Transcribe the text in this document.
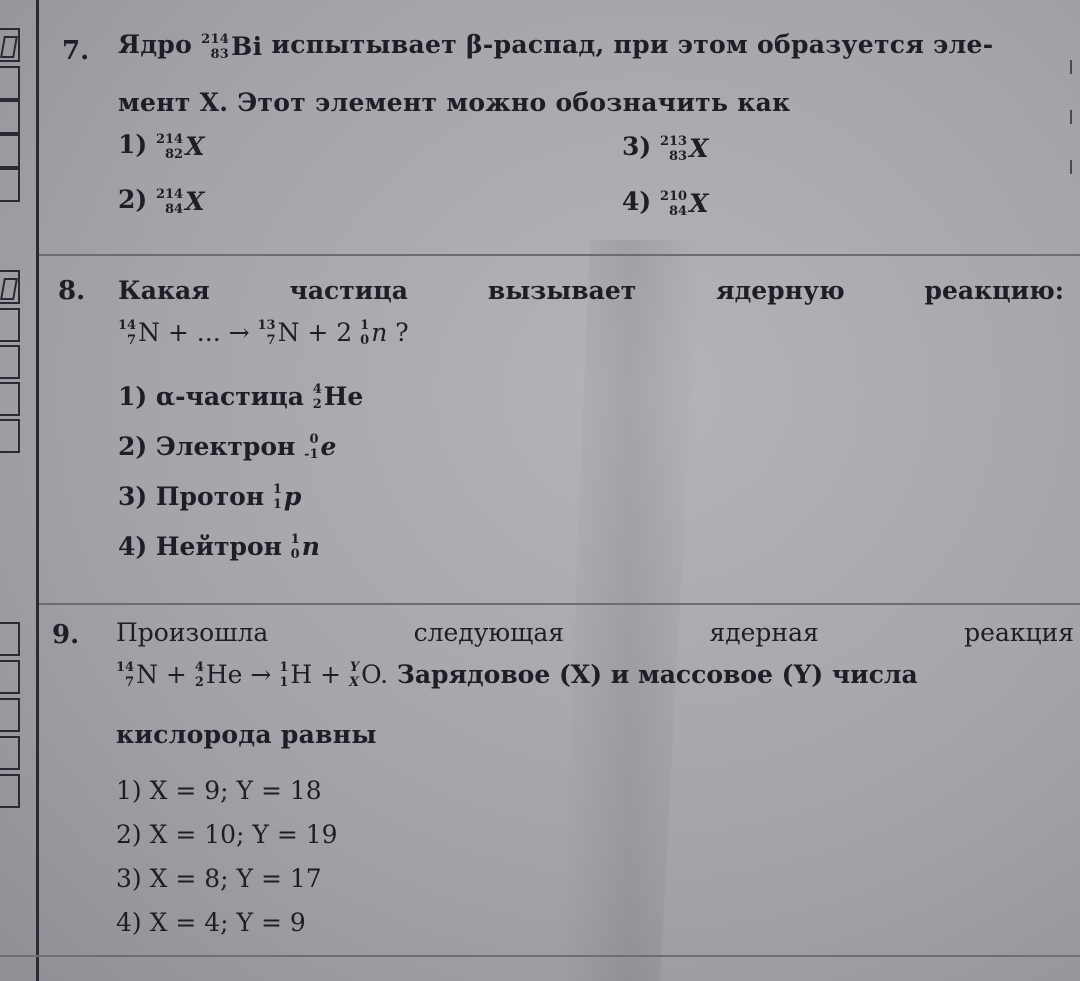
7. Ядро 214
83 Bi испытывает β-распад, при этом образуется эле-
мент X. Этот элемент можно обозначить как
1) 214
82 X
2) 214
84 X
3) 213
83 X
4) 210
84 X
8. Какая	частица	вызывает	ядерную	реакцию:
14
7 N + ... → 13
7 N + 2 1
0 n ?
1) α-частица 4
2 He
2) Электрон	0
-1 e
3) Протон 1
1 p
4) Нейтрон 1
0 n
9. Произошла	следующая	ядерная	реакция
14
7 N + 4
2 He → 1
1 H + Y
X O. Зарядовое (X) и массовое (Y) числа
кислорода равны
1) X = 9; Y = 18
2) X = 10; Y = 19
3) X = 8; Y = 17
4) X = 4; Y = 9
